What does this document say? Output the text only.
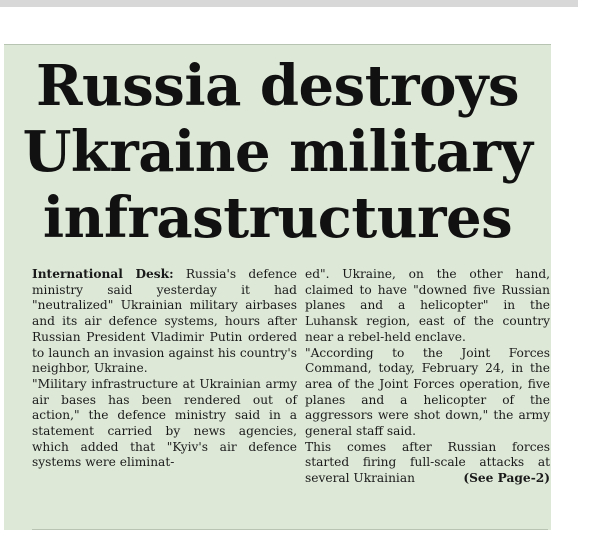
Russia destroys
Ukraine military
infrastructures

International Desk: Russia's defence ministry said yesterday it had "neutralized" Ukrainian military airbases and its air defence systems, hours after Russian President Vladimir Putin ordered to launch an invasion against his country's neighbor, Ukraine.

"Military infrastructure at Ukrainian army air bases has been rendered out of action," the defence ministry said in a statement carried by news agencies, which added that "Kyiv's air defence systems were eliminat-

ed". Ukraine, on the other hand, claimed to have "downed five Russian planes and a helicopter" in the Luhansk region, east of the country near a rebel-held enclave.

"According to the Joint Forces Command, today, February 24, in the area of the Joint Forces operation, five planes and a helicopter of the aggressors were shot down," the army general staff said.

This comes after Russian forces started firing full-scale attacks at several Ukrainian	(See Page-2)
